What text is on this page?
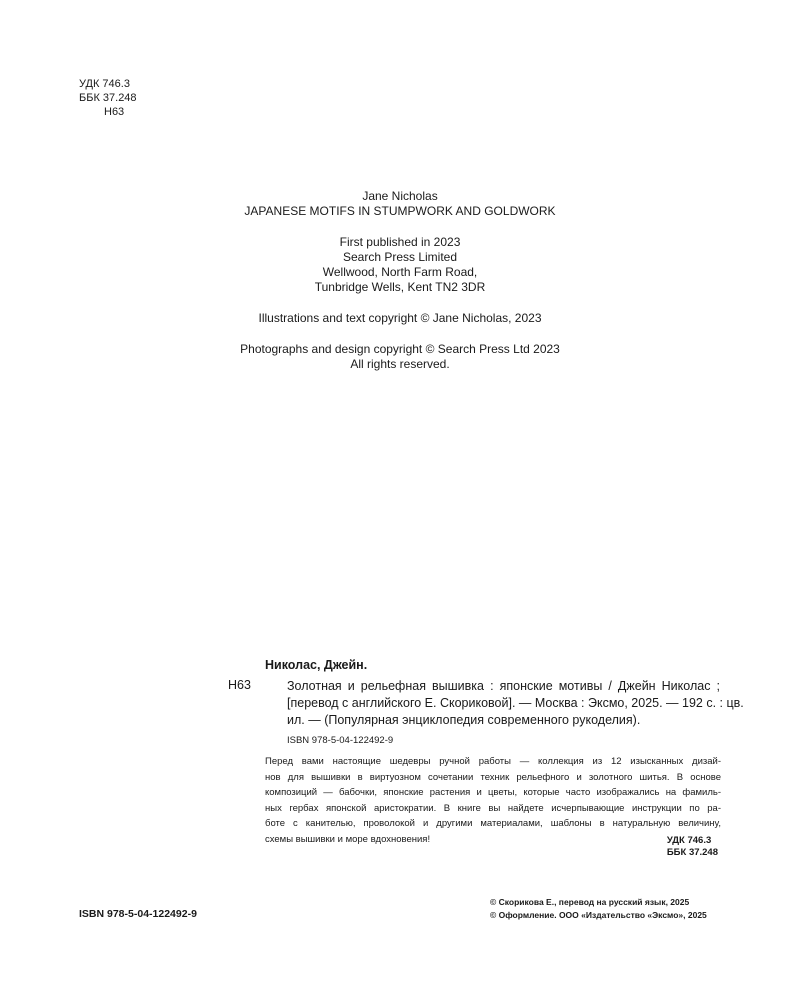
УДК 746.3
ББК 37.248
Н63
Jane Nicholas
JAPANESE MOTIFS IN STUMPWORK AND GOLDWORK
First published in 2023
Search Press Limited
Wellwood, North Farm Road,
Tunbridge Wells, Kent TN2 3DR
Illustrations and text copyright © Jane Nicholas, 2023
Photographs and design copyright © Search Press Ltd 2023
All rights reserved.
Николас, Джейн.
Н63	Золотная и рельефная вышивка : японские мотивы / Джейн Николас ;
[перевод с английского Е. Скориковой]. — Москва : Эксмо, 2025. — 192 с. : цв.
ил. — (Популярная энциклопедия современного рукоделия).
ISBN 978-5-04-122492-9
Перед вами настоящие шедевры ручной работы — коллекция из 12 изысканных дизай-
нов для вышивки в виртуозном сочетании техник рельефного и золотного шитья. В основе
композиций — бабочки, японские растения и цветы, которые часто изображались на фамиль-
ных гербах японской аристократии. В книге вы найдете исчерпывающие инструкции по ра-
боте с канителью, проволокой и другими материалами, шаблоны в натуральную величину,
схемы вышивки и море вдохновения!	УДК 746.3
ББК 37.248
ISBN 978-5-04-122492-9
© Скорикова Е., перевод на русский язык, 2025
© Оформление. ООО «Издательство «Эксмо», 2025
